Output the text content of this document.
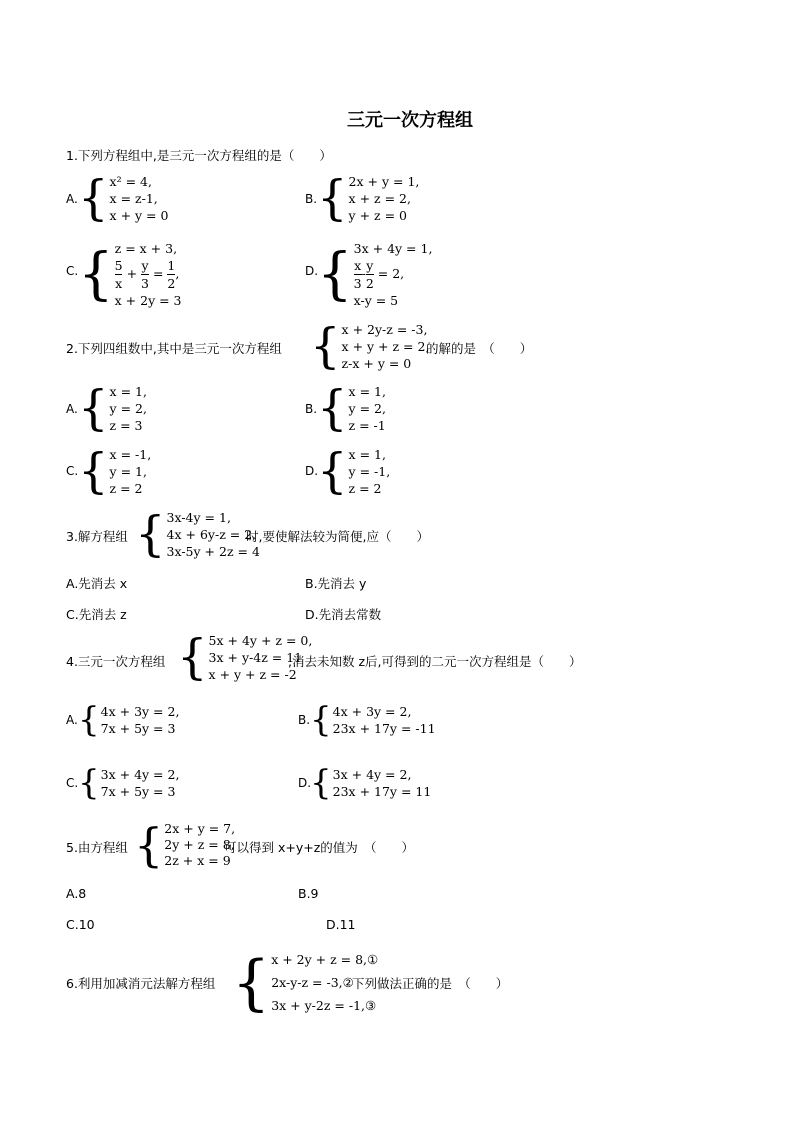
三元一次方程组
1.下列方程组中,是三元一次方程组的是（　　）
A. { x² = 4,
x = z-1,
x + y = 0
B. { 2x + y = 1,
x + z = 2,
y + z = 0
C. { z = x + 3,
$\frac{5}{x} + \frac{y}{3} = \frac{1}{2}$ ,
x + 2y = 3
D.
{ 3x + 4y = 1,
$\frac{x}{3} - \frac{y}{2} = 2$,
x-y = 5
2.下列四组数中,其中是三元一次方程组 { x + 2y-z = -3,
x + y + z = 2,
z-x + y = 0
的解的是　（　　）
A. { x = 1,
y = 2,
z = 3
B. { x = 1,
y = 2,
z = -1
C. { x = -1,
y = 1,
z = 2
D.
{ x = 1,
y = -1,
z = 2
3.解方程组 { 3x-4y = 1,
4x + 6y-z = 2,
3x-5y + 2z = 4
时,要使解法较为简便,应（　　）
A.先消去 x	B.先消去 y
C.先消去 z	D.先消去常数
4.三元一次方程组 { 5x + 4y + z = 0,
3x + y-4z = 11
x + y + z = -2
,消去未知数 z后,可得到的二元一次方程组是（　　）
A. { 4x + 3y = 2,
7x + 5y = 3
B. { 4x + 3y = 2,
23x + 17y = -11
C. { 3x + 4y = 2,
7x + 5y = 3
D.
{ 3x + 4y = 2,
23x + 17y = 11
5.由方程组 { 2x + y = 7,
2y + z = 8,
2z + x = 9
可以得到 x+y+z的值为　（　　）
A.8	B.9
C.10	D.11
6.利用加减消元法解方程组 { x + 2y + z = 8,①
2x-y-z = -3,②
3x + y-2z = -1,③
下列做法正确的是　（　　）
